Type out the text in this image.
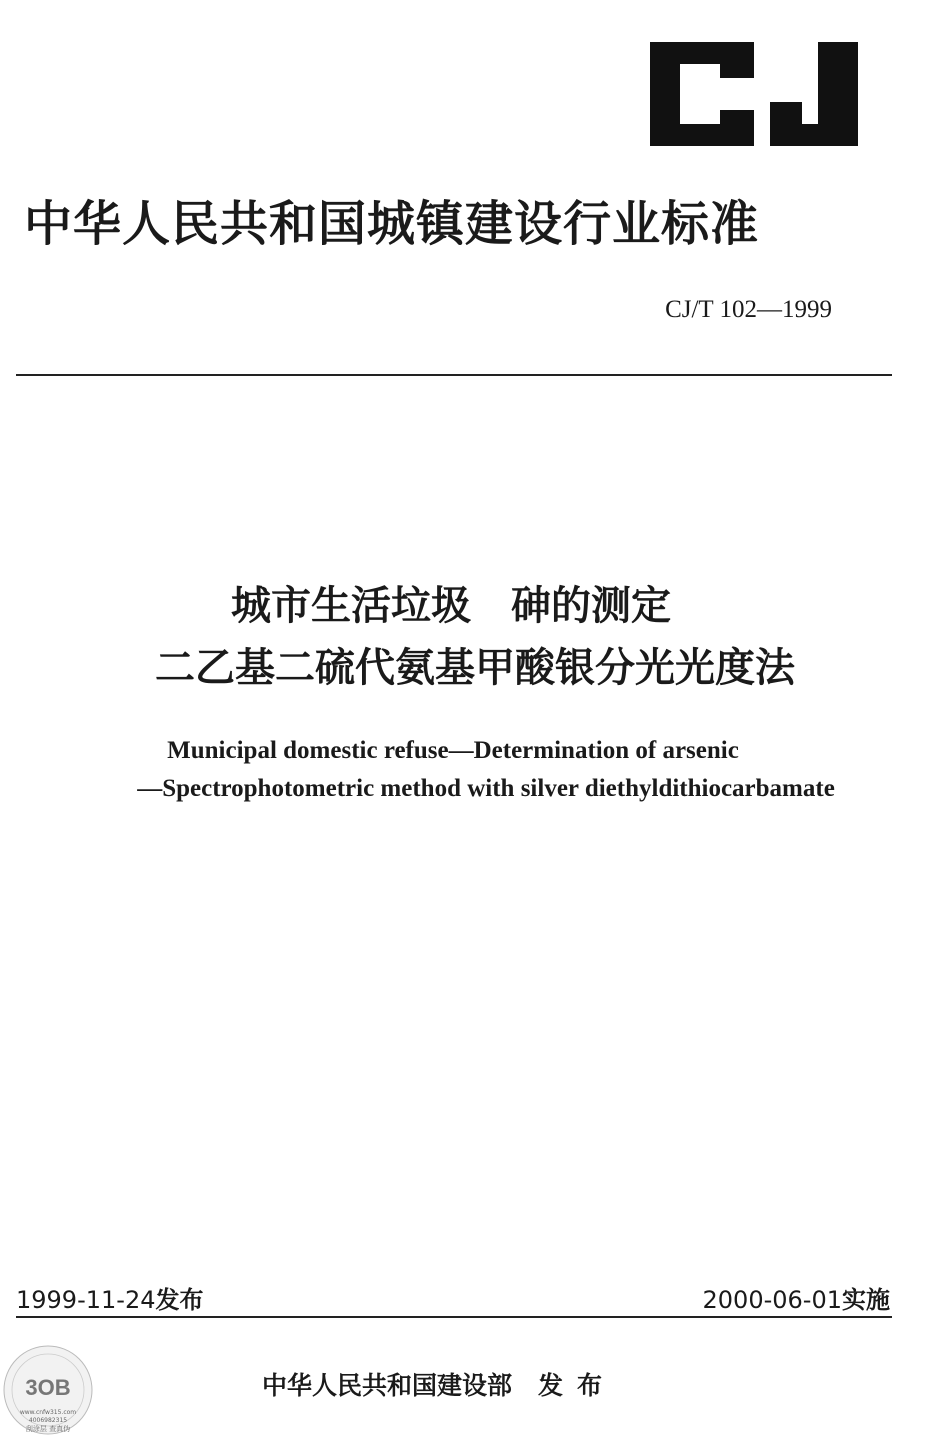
中华人民共和国城镇建设行业标准
CJ/T 102—1999
城市生活垃圾　砷的测定
二乙基二硫代氨基甲酸银分光光度法
Municipal domestic refuse—Determination of arsenic
—Spectrophotometric method with silver diethyldithiocarbamate
1999-11-24发布	2000-06-01实施
中华人民共和国建设部 发布
3OB
www.cnfw315.com
4006982315
刮涂层 查真伪
